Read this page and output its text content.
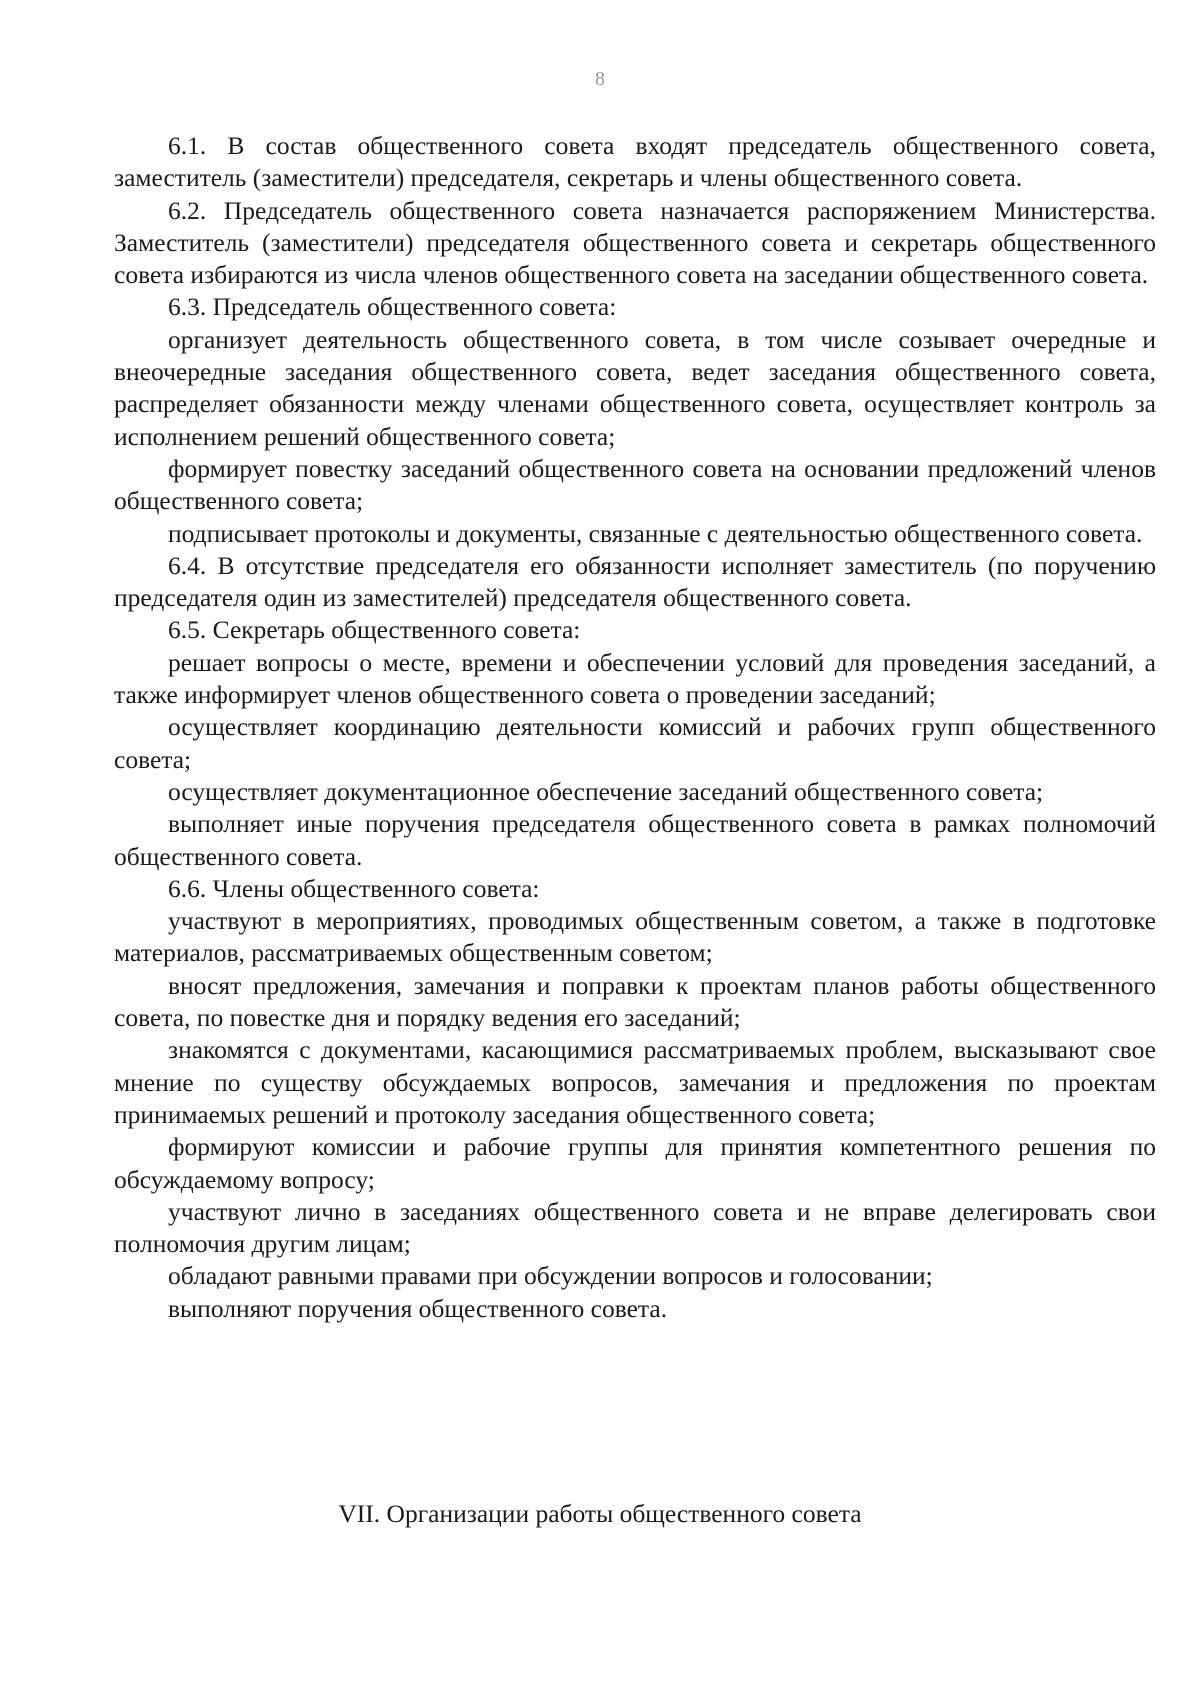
8

6.1. В состав общественного совета входят председатель общественного совета, заместитель (заместители) председателя, секретарь и члены общественного совета.

6.2. Председатель общественного совета назначается распоряжением Министерства. Заместитель (заместители) председателя общественного совета и секретарь общественного совета избираются из числа членов общественного совета на заседании общественного совета.

6.3. Председатель общественного совета:

организует деятельность общественного совета, в том числе созывает очередные и внеочередные заседания общественного совета, ведет заседания общественного совета, распределяет обязанности между членами общественного совета, осуществляет контроль за исполнением решений общественного совета;

формирует повестку заседаний общественного совета на основании предложений членов общественного совета;

подписывает протоколы и документы, связанные с деятельностью общественного совета.

6.4. В отсутствие председателя его обязанности исполняет заместитель (по поручению председателя один из заместителей) председателя общественного совета.

6.5. Секретарь общественного совета:

решает вопросы о месте, времени и обеспечении условий для проведения заседаний, а также информирует членов общественного совета о проведении заседаний;

осуществляет координацию деятельности комиссий и рабочих групп общественного совета;

осуществляет документационное обеспечение заседаний общественного совета;

выполняет иные поручения председателя общественного совета в рамках полномочий общественного совета.

6.6. Члены общественного совета:

участвуют в мероприятиях, проводимых общественным советом, а также в подготовке материалов, рассматриваемых общественным советом;

вносят предложения, замечания и поправки к проектам планов работы общественного совета, по повестке дня и порядку ведения его заседаний;

знакомятся с документами, касающимися рассматриваемых проблем, высказывают свое мнение по существу обсуждаемых вопросов, замечания и предложения по проектам принимаемых решений и протоколу заседания общественного совета;

формируют комиссии и рабочие группы для принятия компетентного решения по обсуждаемому вопросу;

участвуют лично в заседаниях общественного совета и не вправе делегировать свои полномочия другим лицам;

обладают равными правами при обсуждении вопросов и голосовании;

выполняют поручения общественного совета.

VII. Организации работы общественного совета
